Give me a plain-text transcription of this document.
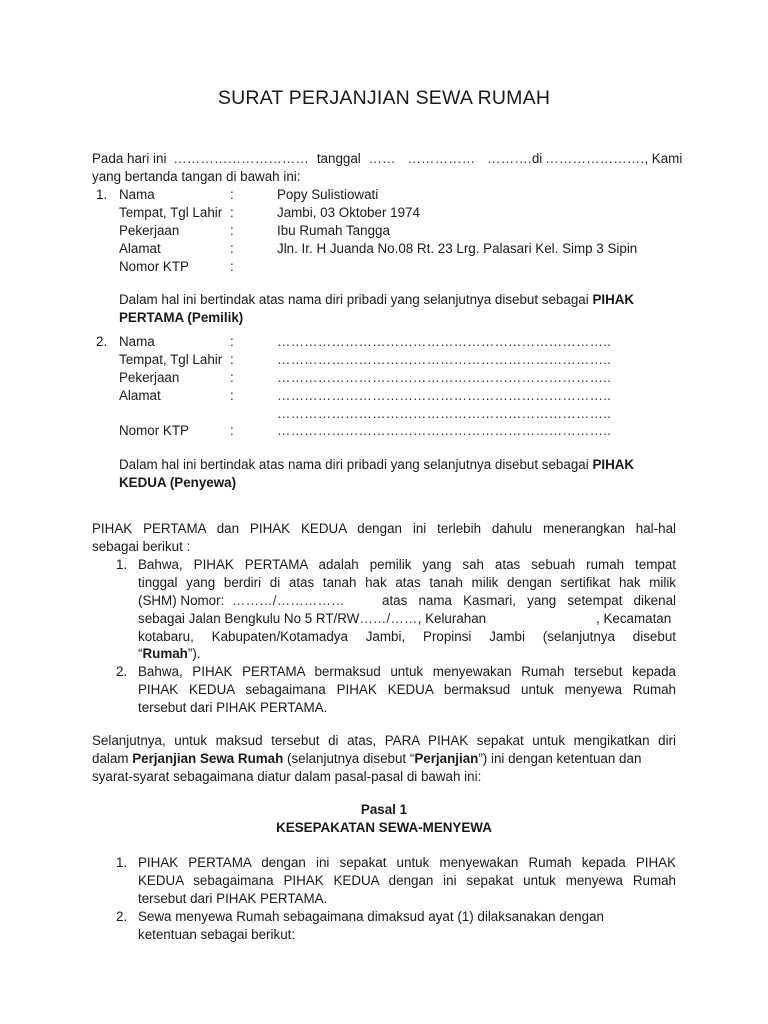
SURAT PERJANJIAN SEWA RUMAH
Pada hari ini ………………………… tanggal ……   ……………   ……….di …………………., Kami
yang bertanda tangan di bawah ini:
1. Nama	:	Popy Sulistiowati
Tempat, Tgl Lahir :	Jambi, 03 Oktober 1974
Pekerjaan	:	Ibu Rumah Tangga
Alamat	:	Jln. Ir. H Juanda No.08 Rt. 23 Lrg. Palasari Kel. Simp 3 Sipin
Nomor KTP	:
Dalam hal ini bertindak atas nama diri pribadi yang selanjutnya disebut sebagai PIHAK
PERTAMA (Pemilik)
2. Nama	:	………………………………………………………………..
Tempat, Tgl Lahir :	………………………………………………………………..
Pekerjaan	:	………………………………………………………………..
Alamat	:	………………………………………………………………..
………………………………………………………………..
Nomor KTP	:	………………………………………………………………..
Dalam hal ini bertindak atas nama diri pribadi yang selanjutnya disebut sebagai PIHAK
KEDUA (Penyewa)
PIHAK PERTAMA dan PIHAK KEDUA dengan ini terlebih dahulu menerangkan hal-hal
sebagai berikut :
1. Bahwa, PIHAK PERTAMA adalah pemilik yang sah atas sebuah rumah tempat
tinggal yang berdiri di atas tanah hak atas tanah milik dengan sertifikat hak milik
(SHM) Nomor: ………/……………	atas nama Kasmari, yang setempat dikenal
sebagai Jalan Bengkulu No 5 RT/RW……/……, Kelurahan	, Kecamatan
kotabaru, Kabupaten/Kotamadya Jambi, Propinsi Jambi (selanjutnya disebut
“Rumah”).
2. Bahwa, PIHAK PERTAMA bermaksud untuk menyewakan Rumah tersebut kepada
PIHAK KEDUA sebagaimana PIHAK KEDUA bermaksud untuk menyewa Rumah
tersebut dari PIHAK PERTAMA.
Selanjutnya, untuk maksud tersebut di atas, PARA PIHAK sepakat untuk mengikatkan diri
dalam Perjanjian Sewa Rumah (selanjutnya disebut “Perjanjian”) ini dengan ketentuan dan
syarat-syarat sebagaimana diatur dalam pasal-pasal di bawah ini:
Pasal 1
KESEPAKATAN SEWA-MENYEWA
1. PIHAK PERTAMA dengan ini sepakat untuk menyewakan Rumah kepada PIHAK
KEDUA sebagaimana PIHAK KEDUA dengan ini sepakat untuk menyewa Rumah
tersebut dari PIHAK PERTAMA.
2. Sewa menyewa Rumah sebagaimana dimaksud ayat (1) dilaksanakan dengan
ketentuan sebagai berikut:
